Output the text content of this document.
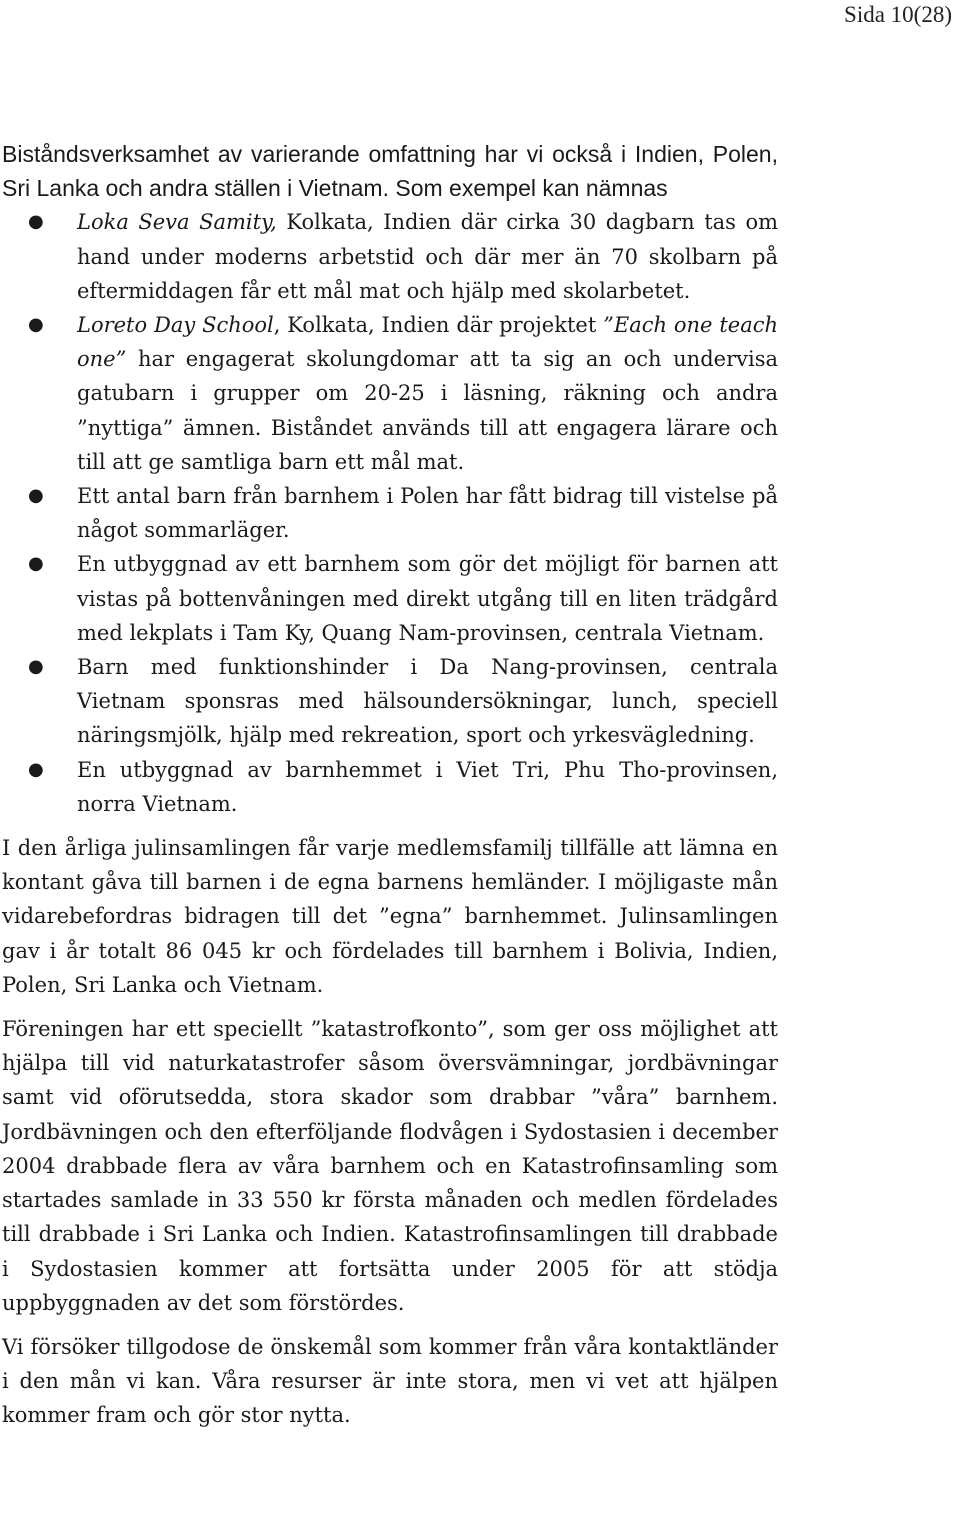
Sida 10(28)

Biståndsverksamhet av varierande omfattning har vi också i Indien, Polen, Sri Lanka och andra ställen i Vietnam. Som exempel kan nämnas

● Loka Seva Samity, Kolkata, Indien där cirka 30 dagbarn tas om hand under moderns arbetstid och där mer än 70 skolbarn på eftermiddagen får ett mål mat och hjälp med skolarbetet.
● Loreto Day School, Kolkata, Indien där projektet ”Each one teach one” har engagerat skolungdomar att ta sig an och undervisa gatubarn i grupper om 20-25 i läsning, räkning och andra ”nyttiga” ämnen. Biståndet används till att engagera lärare och till att ge samtliga barn ett mål mat.
● Ett antal barn från barnhem i Polen har fått bidrag till vistelse på något sommarläger.
● En utbyggnad av ett barnhem som gör det möjligt för barnen att vistas på bottenvåningen med direkt utgång till en liten trädgård med lekplats i Tam Ky, Quang Nam-provinsen, centrala Vietnam.
● Barn med funktionshinder i Da Nang-provinsen, centrala Vietnam sponsras med hälsoundersökningar, lunch, speciell näringsmjölk, hjälp med rekreation, sport och yrkesvägledning.
● En utbyggnad av barnhemmet i Viet Tri, Phu Tho-provinsen, norra Vietnam.

I den årliga julinsamlingen får varje medlemsfamilj tillfälle att lämna en kontant gåva till barnen i de egna barnens hemländer. I möjligaste mån vidarebefordras bidragen till det ”egna” barnhemmet. Julinsamlingen gav i år totalt 86 045 kr och fördelades till barnhem i Bolivia, Indien, Polen, Sri Lanka och Vietnam.

Föreningen har ett speciellt ”katastrofkonto”, som ger oss möjlighet att hjälpa till vid naturkatastrofer såsom översvämningar, jordbävningar samt vid oförutsedda, stora skador som drabbar ”våra” barnhem. Jordbävningen och den efterföljande flodvågen i Sydostasien i december 2004 drabbade flera av våra barnhem och en Katastrofinsamling som startades samlade in 33 550 kr första månaden och medlen fördelades till drabbade i Sri Lanka och Indien. Katastrofinsamlingen till drabbade i Sydostasien kommer att fortsätta under 2005 för att stödja uppbyggnaden av det som förstördes.

Vi försöker tillgodose de önskemål som kommer från våra kontaktländer i den mån vi kan. Våra resurser är inte stora, men vi vet att hjälpen kommer fram och gör stor nytta.
